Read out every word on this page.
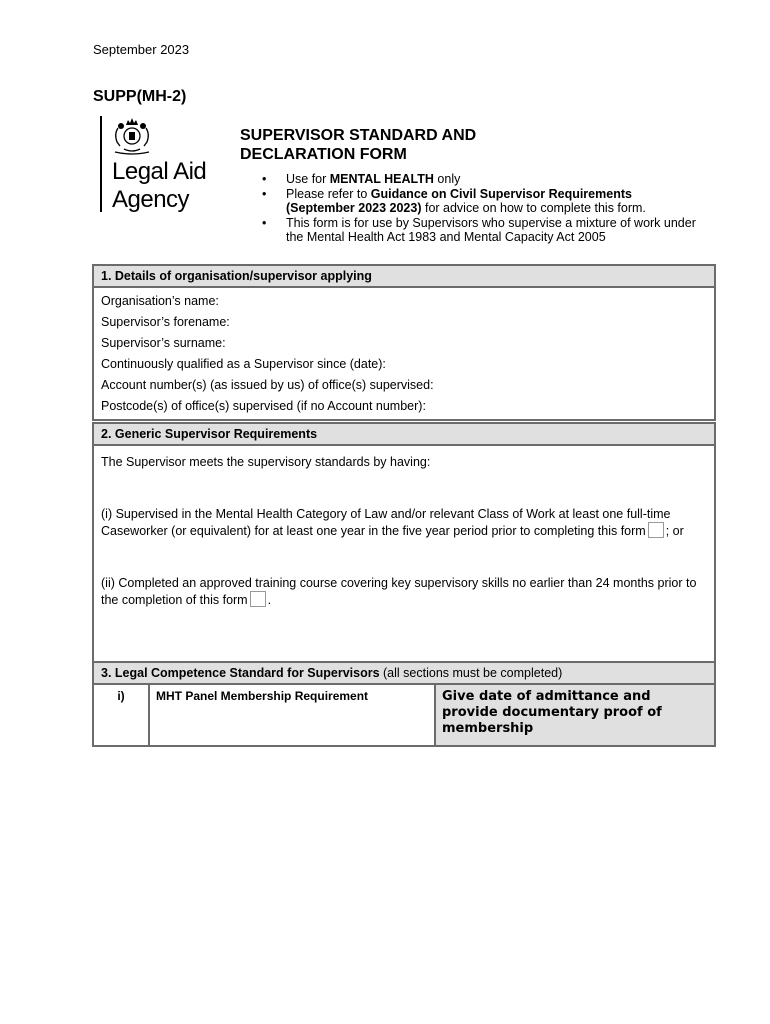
September 2023
SUPP(MH-2)
Legal Aid
Agency
SUPERVISOR STANDARD AND
DECLARATION FORM
• Use for MENTAL HEALTH only
• Please refer to Guidance on Civil Supervisor Requirements (September 2023 2023) for advice on how to complete this form.
• This form is for use by Supervisors who supervise a mixture of work under the Mental Health Act 1983 and Mental Capacity Act 2005
1. Details of organisation/supervisor applying
Organisation’s name:
Supervisor’s forename:
Supervisor’s surname:
Continuously qualified as a Supervisor since (date):
Account number(s) (as issued by us) of office(s) supervised:
Postcode(s) of office(s) supervised (if no Account number):
2. Generic Supervisor Requirements
The Supervisor meets the supervisory standards by having:
(i) Supervised in the Mental Health Category of Law and/or relevant Class of Work at least one full-time Caseworker (or equivalent) for at least one year in the five year period prior to completing this form ; or
(ii) Completed an approved training course covering key supervisory skills no earlier than 24 months prior to the completion of this form .
3. Legal Competence Standard for Supervisors (all sections must be completed)
i)	MHT Panel Membership Requirement	Give date of admittance and provide documentary proof of membership
